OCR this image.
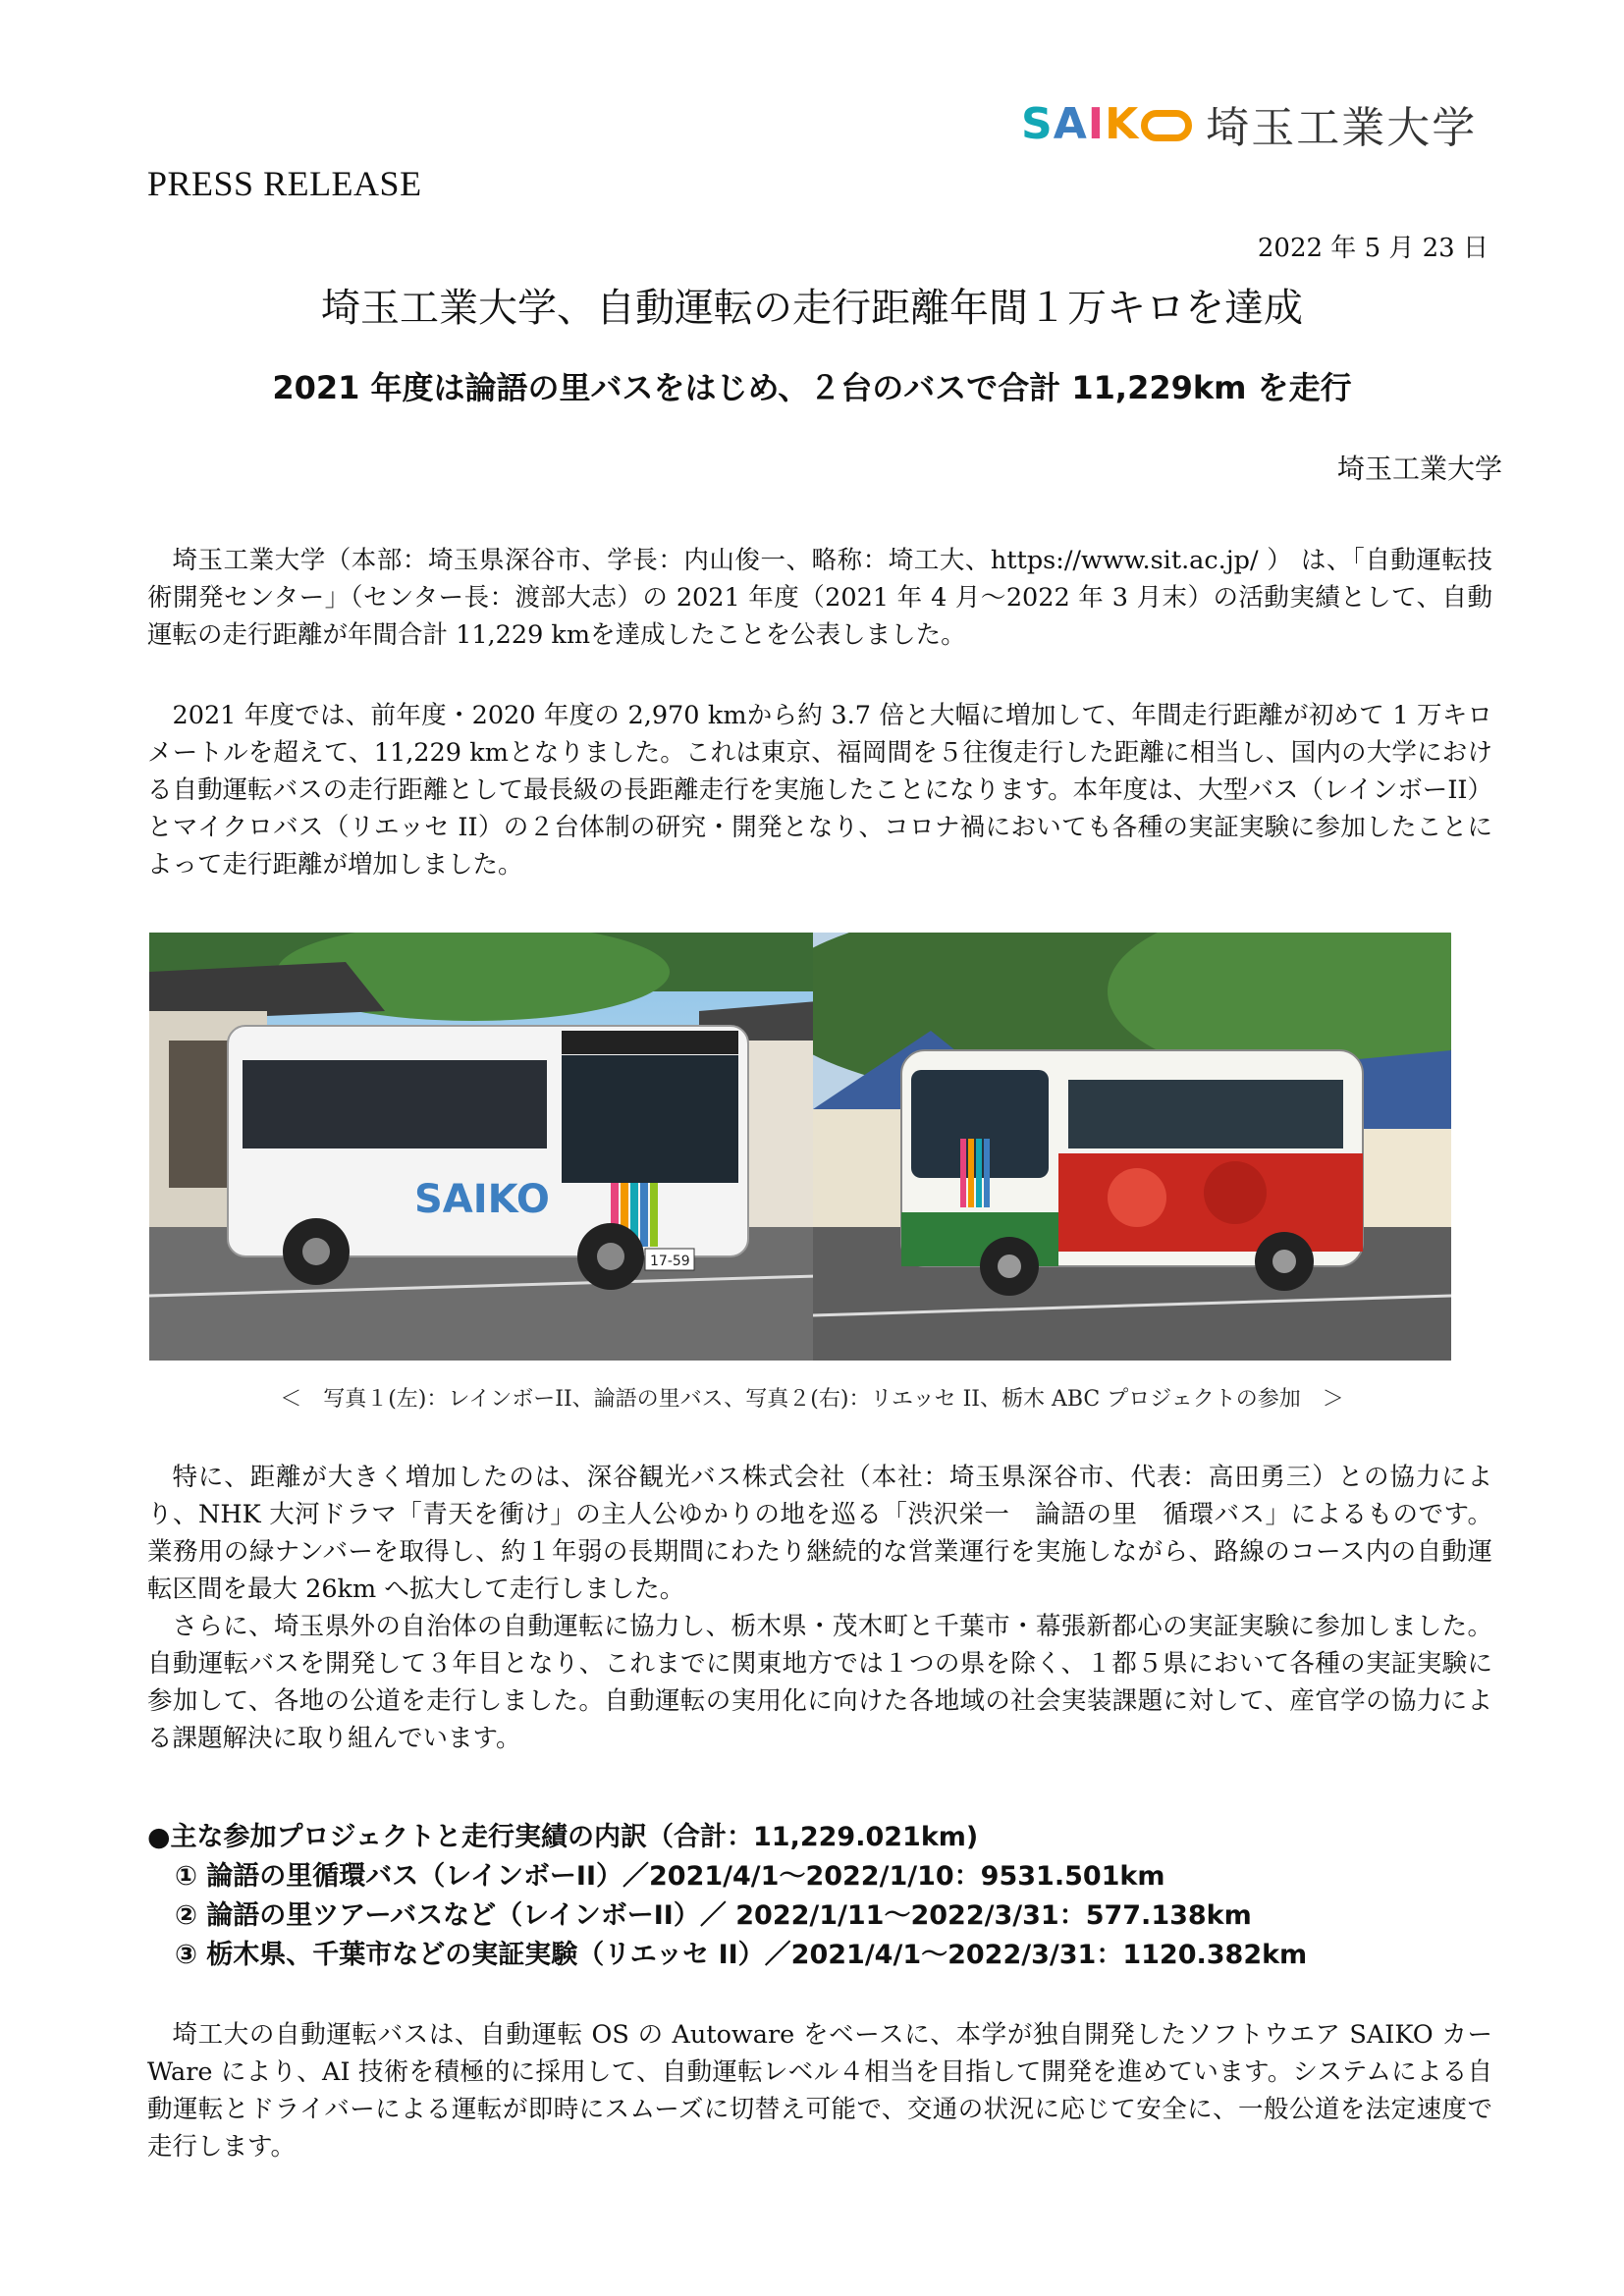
S A I K 埼玉工業大学
PRESS RELEASE
2022 年 5 月 23 日
埼玉工業大学、自動運転の走行距離年間１万キロを達成
2021 年度は論語の里バスをはじめ、２台のバスで合計 11,229km を走行
埼玉工業大学

埼玉工業大学（本部：埼玉県深谷市、学長：内山俊一、略称：埼工大、https://www.sit.ac.jp/ ） は、「自動運転技術開発センター」（センター長：渡部大志）の 2021 年度（2021 年 4 月～2022 年 3 月末）の活動実績として、自動運転の走行距離が年間合計 11,229 kmを達成したことを公表しました。

2021 年度では、前年度・2020 年度の 2,970 kmから約 3.7 倍と大幅に増加して、年間走行距離が初めて 1 万キロメートルを超えて、11,229 kmとなりました。これは東京、福岡間を５往復走行した距離に相当し、国内の大学における自動運転バスの走行距離として最長級の長距離走行を実施したことになります。本年度は、大型バス（レインボーII）とマイクロバス（リエッセ II）の２台体制の研究・開発となり、コロナ禍においても各種の実証実験に参加したことによって走行距離が増加しました。

SAIKO
17-59
＜　写真１(左)：レインボーII、論語の里バス、写真２(右)：リエッセ II、栃木 ABC プロジェクトの参加　＞

特に、距離が大きく増加したのは、深谷観光バス株式会社（本社：埼玉県深谷市、代表：高田勇三）との協力により、NHK 大河ドラマ「青天を衝け」の主人公ゆかりの地を巡る「渋沢栄一　論語の里　循環バス」によるものです。業務用の緑ナンバーを取得し、約１年弱の長期間にわたり継続的な営業運行を実施しながら、路線のコース内の自動運転区間を最大 26km へ拡大して走行しました。

さらに、埼玉県外の自治体の自動運転に協力し、栃木県・茂木町と千葉市・幕張新都心の実証実験に参加しました。自動運転バスを開発して３年目となり、これまでに関東地方では１つの県を除く、１都５県において各種の実証実験に参加して、各地の公道を走行しました。自動運転の実用化に向けた各地域の社会実装課題に対して、産官学の協力による課題解決に取り組んでいます。

●主な参加プロジェクトと走行実績の内訳（合計：11,229.021km)
① 論語の里循環バス（レインボーII）／2021/4/1～2022/1/10：9531.501km
② 論語の里ツアーバスなど（レインボーII）／ 2022/1/11～2022/3/31：577.138km
③ 栃木県、千葉市などの実証実験（リエッセ II）／2021/4/1～2022/3/31：1120.382km

埼工大の自動運転バスは、自動運転 OS の Autoware をベースに、本学が独自開発したソフトウエア SAIKO カーWare により、AI 技術を積極的に採用して、自動運転レベル４相当を目指して開発を進めています。システムによる自動運転とドライバーによる運転が即時にスムーズに切替え可能で、交通の状況に応じて安全に、一般公道を法定速度で走行します。
